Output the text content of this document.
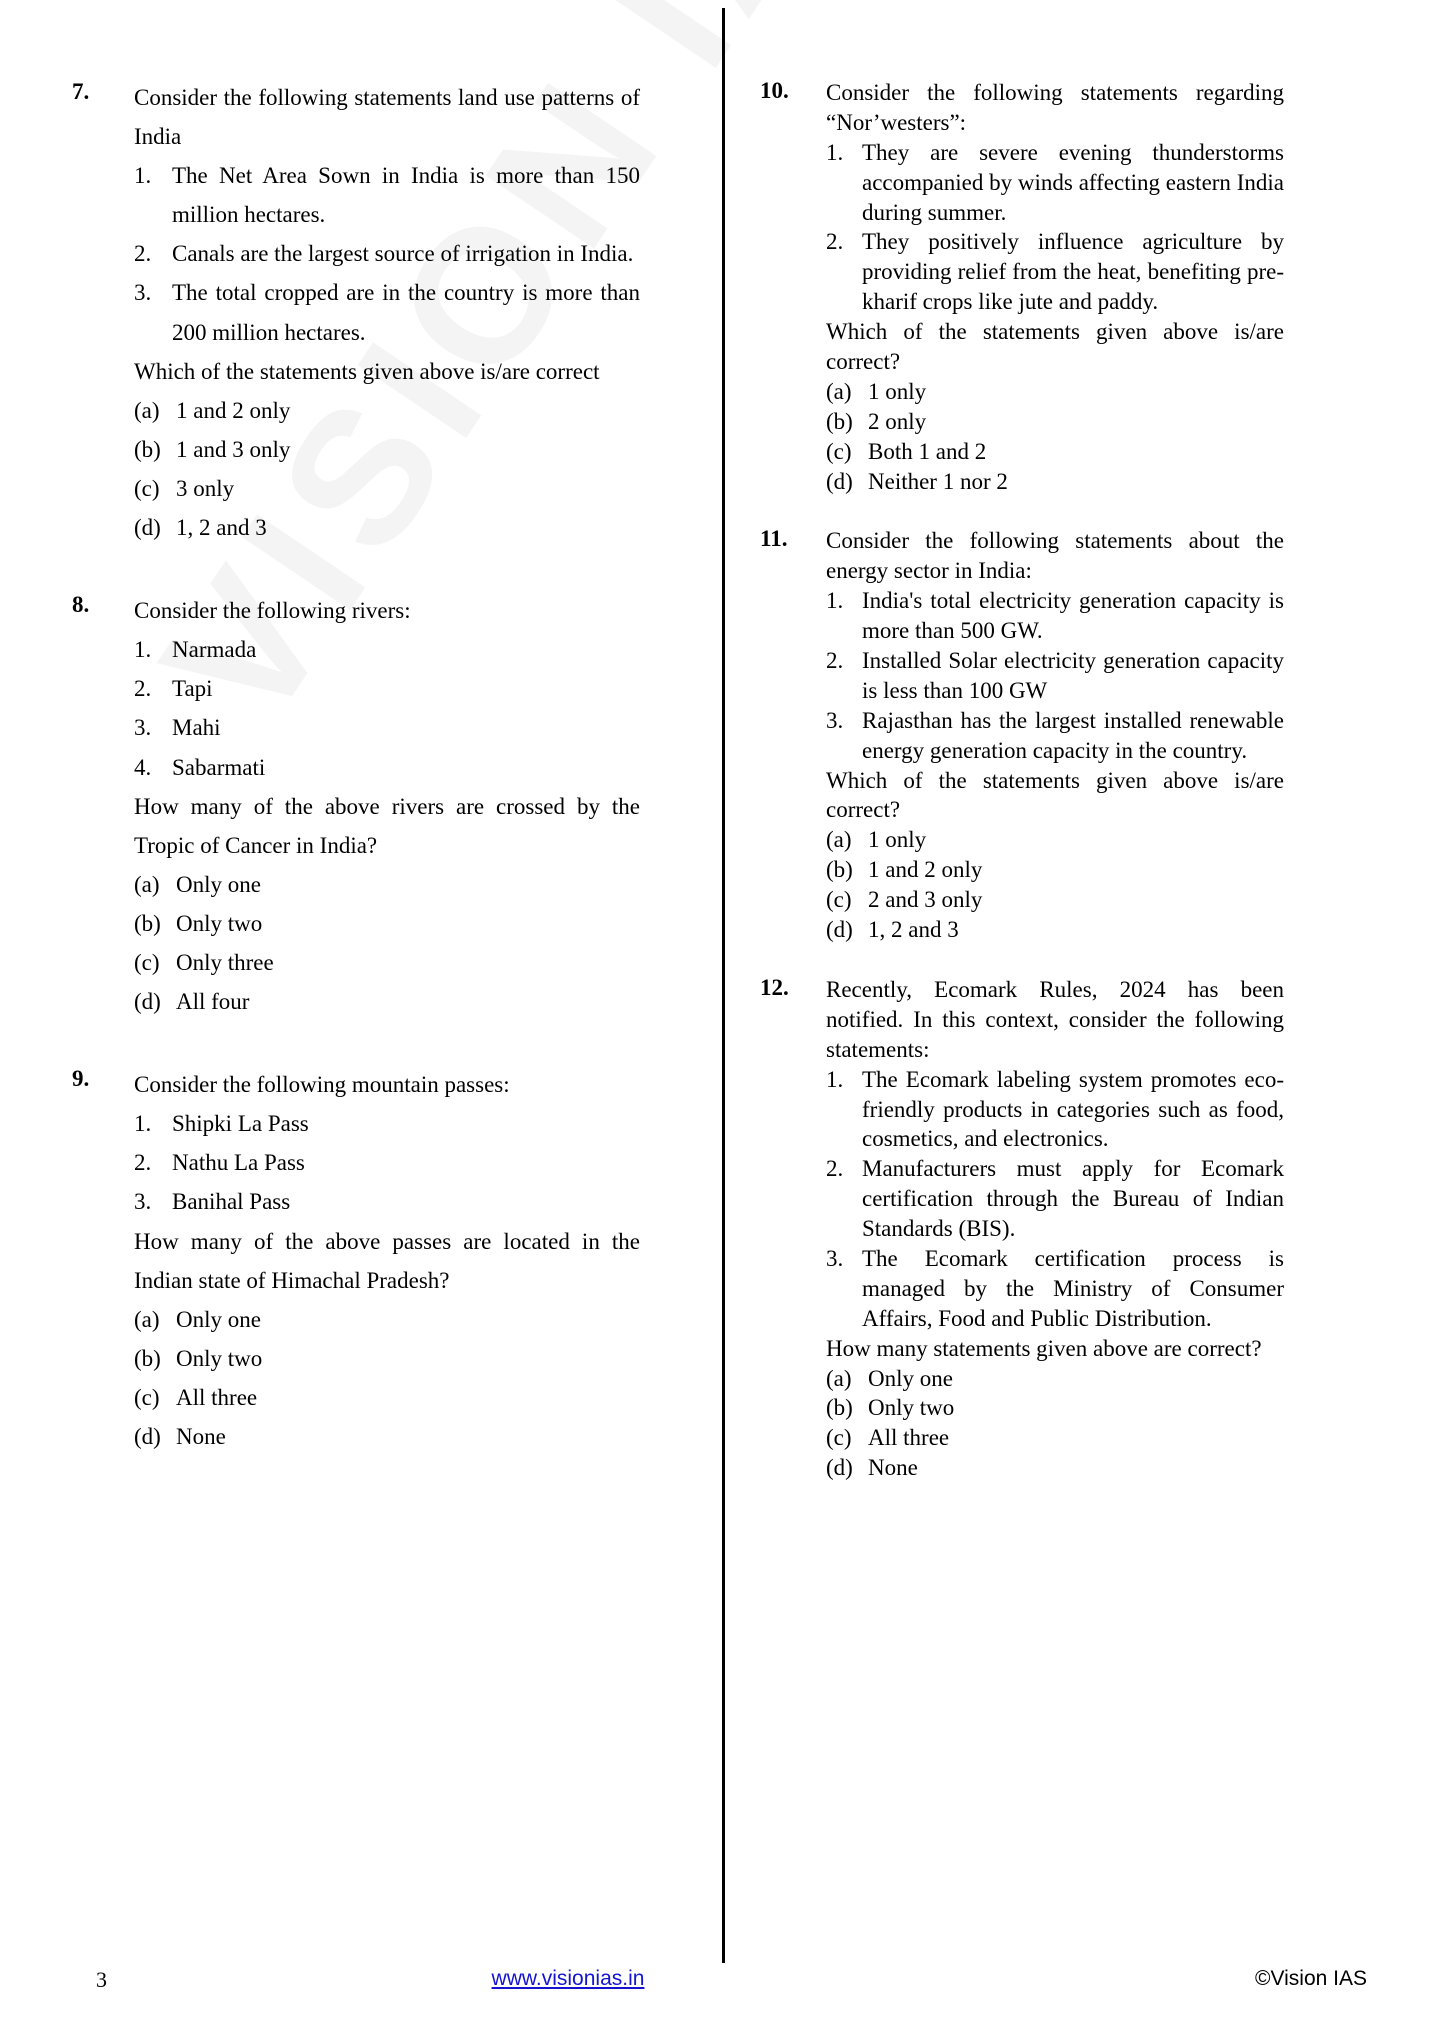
7.	Consider the following statements land use patterns of India

1. The Net Area Sown in India is more than 150 million hectares.
2. Canals are the largest source of irrigation in India.
3. The total cropped are in the country is more than 200 million hectares.

Which of the statements given above is/are correct

(a) 1 and 2 only
(b) 1 and 3 only
(c) 3 only
(d) 1, 2 and 3
8.	Consider the following rivers:

1. Narmada
2. Tapi
3. Mahi
4. Sabarmati

How many of the above rivers are crossed by the Tropic of Cancer in India?

(a) Only one
(b) Only two
(c) Only three
(d) All four
9.	Consider the following mountain passes:

1. Shipki La Pass
2. Nathu La Pass
3. Banihal Pass

How many of the above passes are located in the Indian state of Himachal Pradesh?

(a) Only one
(b) Only two
(c) All three
(d) None
10.	Consider the following statements regarding “Nor’westers”:

1. They are severe evening thunderstorms accompanied by winds affecting eastern India during summer.
2. They positively influence agriculture by providing relief from the heat, benefiting pre-kharif crops like jute and paddy.

Which of the statements given above is/are correct?

(a) 1 only
(b) 2 only
(c) Both 1 and 2
(d) Neither 1 nor 2
11.	Consider the following statements about the energy sector in India:

1. India's total electricity generation capacity is more than 500 GW.
2. Installed Solar electricity generation capacity is less than 100 GW
3. Rajasthan has the largest installed renewable energy generation capacity in the country.

Which of the statements given above is/are correct?

(a) 1 only
(b) 1 and 2 only
(c) 2 and 3 only
(d) 1, 2 and 3
12.	Recently, Ecomark Rules, 2024 has been notified. In this context, consider the following statements:

1. The Ecomark labeling system promotes eco-friendly products in categories such as food, cosmetics, and electronics.
2. Manufacturers must apply for Ecomark certification through the Bureau of Indian Standards (BIS).
3. The Ecomark certification process is managed by the Ministry of Consumer Affairs, Food and Public Distribution.

How many statements given above are correct?

(a) Only one
(b) Only two
(c) All three
(d) None
3	www.visionias.in	©Vision IAS
